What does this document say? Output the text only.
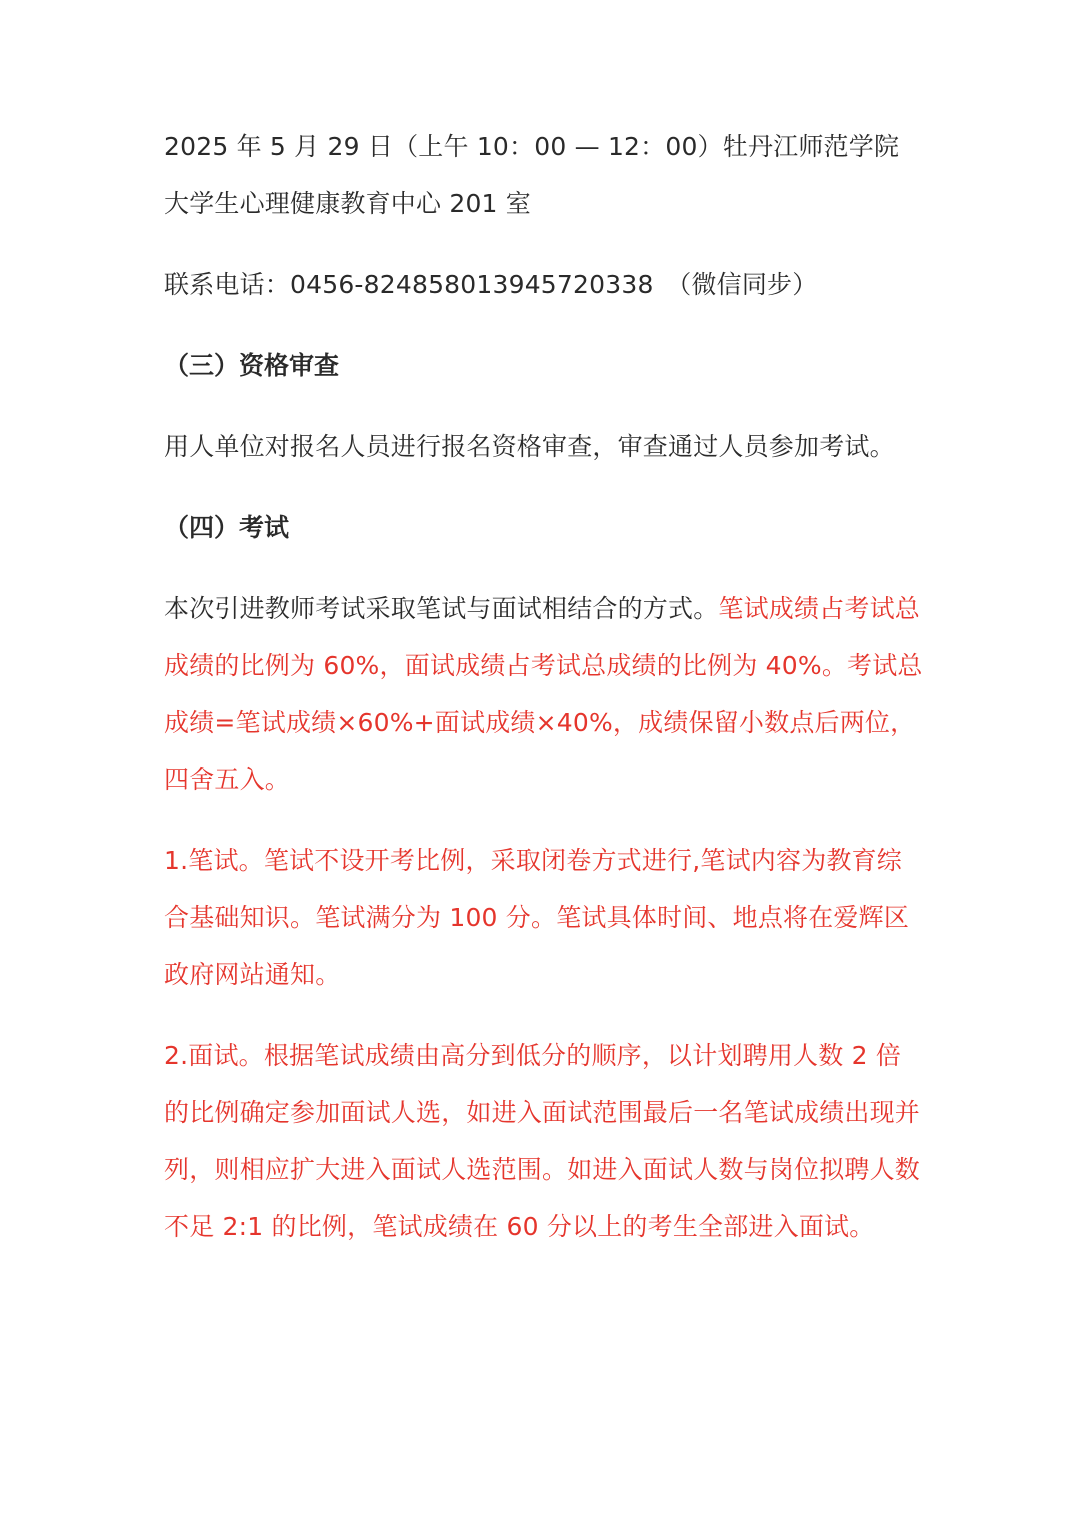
2025 年 5 月 29 日（上午 10：00 — 12：00）牡丹江师范学院大学生心理健康教育中心 201 室

联系电话：0456-824858013945720338　（微信同步）

（三）资格审查

用人单位对报名人员进行报名资格审查，审查通过人员参加考试。

（四）考试

本次引进教师考试采取笔试与面试相结合的方式。笔试成绩占考试总成绩的比例为 60%，面试成绩占考试总成绩的比例为 40%。考试总成绩=笔试成绩×60%+面试成绩×40%，成绩保留小数点后两位，四舍五入。

1.笔试。笔试不设开考比例，采取闭卷方式进行,笔试内容为教育综合基础知识。笔试满分为 100 分。笔试具体时间、地点将在爱辉区政府网站通知。

2.面试。根据笔试成绩由高分到低分的顺序，以计划聘用人数 2 倍的比例确定参加面试人选，如进入面试范围最后一名笔试成绩出现并列，则相应扩大进入面试人选范围。如进入面试人数与岗位拟聘人数不足 2:1 的比例，笔试成绩在 60 分以上的考生全部进入面试。
